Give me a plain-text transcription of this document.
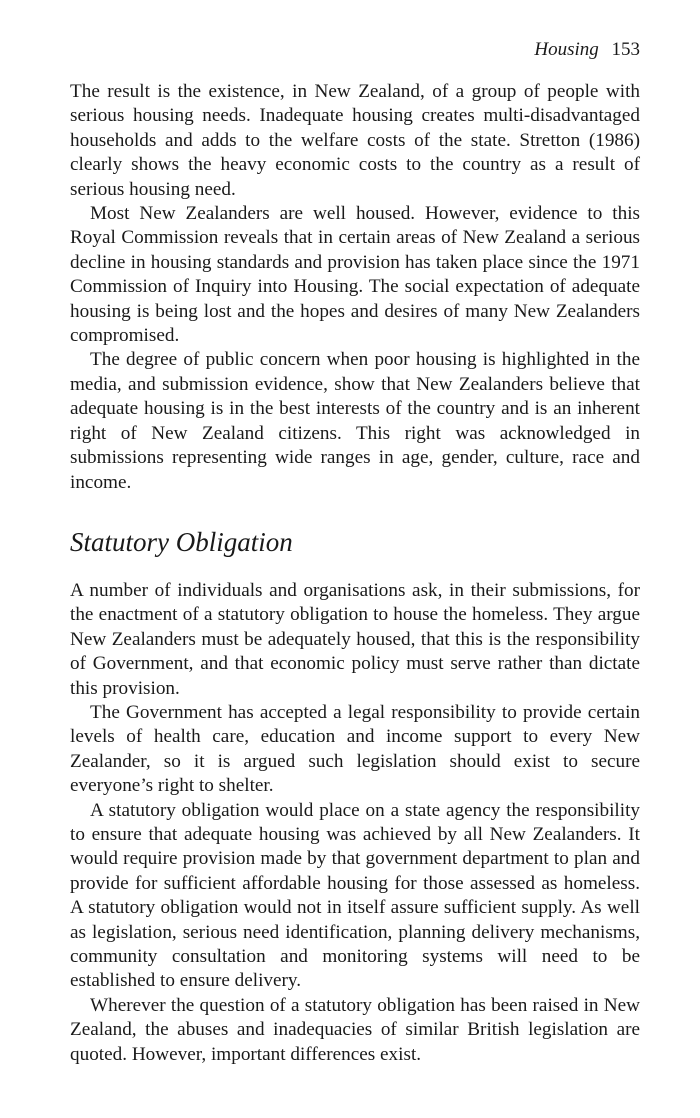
Housing 153

The result is the existence, in New Zealand, of a group of people with serious housing needs. Inadequate housing creates multi-disadvantaged households and adds to the welfare costs of the state. Stretton (1986) clearly shows the heavy economic costs to the country as a result of serious housing need.

Most New Zealanders are well housed. However, evidence to this Royal Commission reveals that in certain areas of New Zealand a serious decline in housing standards and provision has taken place since the 1971 Commission of Inquiry into Housing. The social expectation of adequate housing is being lost and the hopes and desires of many New Zealanders compromised.

The degree of public concern when poor housing is highlighted in the media, and submission evidence, show that New Zealanders believe that adequate housing is in the best interests of the country and is an inherent right of New Zealand citizens. This right was acknowledged in submissions representing wide ranges in age, gender, culture, race and income.

Statutory Obligation

A number of individuals and organisations ask, in their submissions, for the enactment of a statutory obligation to house the homeless. They argue New Zealanders must be adequately housed, that this is the responsibility of Government, and that economic policy must serve rather than dictate this provision.

The Government has accepted a legal responsibility to provide certain levels of health care, education and income support to every New Zealander, so it is argued such legislation should exist to secure everyone’s right to shelter.

A statutory obligation would place on a state agency the responsibility to ensure that adequate housing was achieved by all New Zealanders. It would require provision made by that government department to plan and provide for sufficient affordable housing for those assessed as homeless. A statutory obligation would not in itself assure sufficient supply. As well as legislation, serious need identification, planning delivery mechanisms, community consultation and monitoring systems will need to be established to ensure delivery.

Wherever the question of a statutory obligation has been raised in New Zealand, the abuses and inadequacies of similar British legislation are quoted. However, important differences exist.
